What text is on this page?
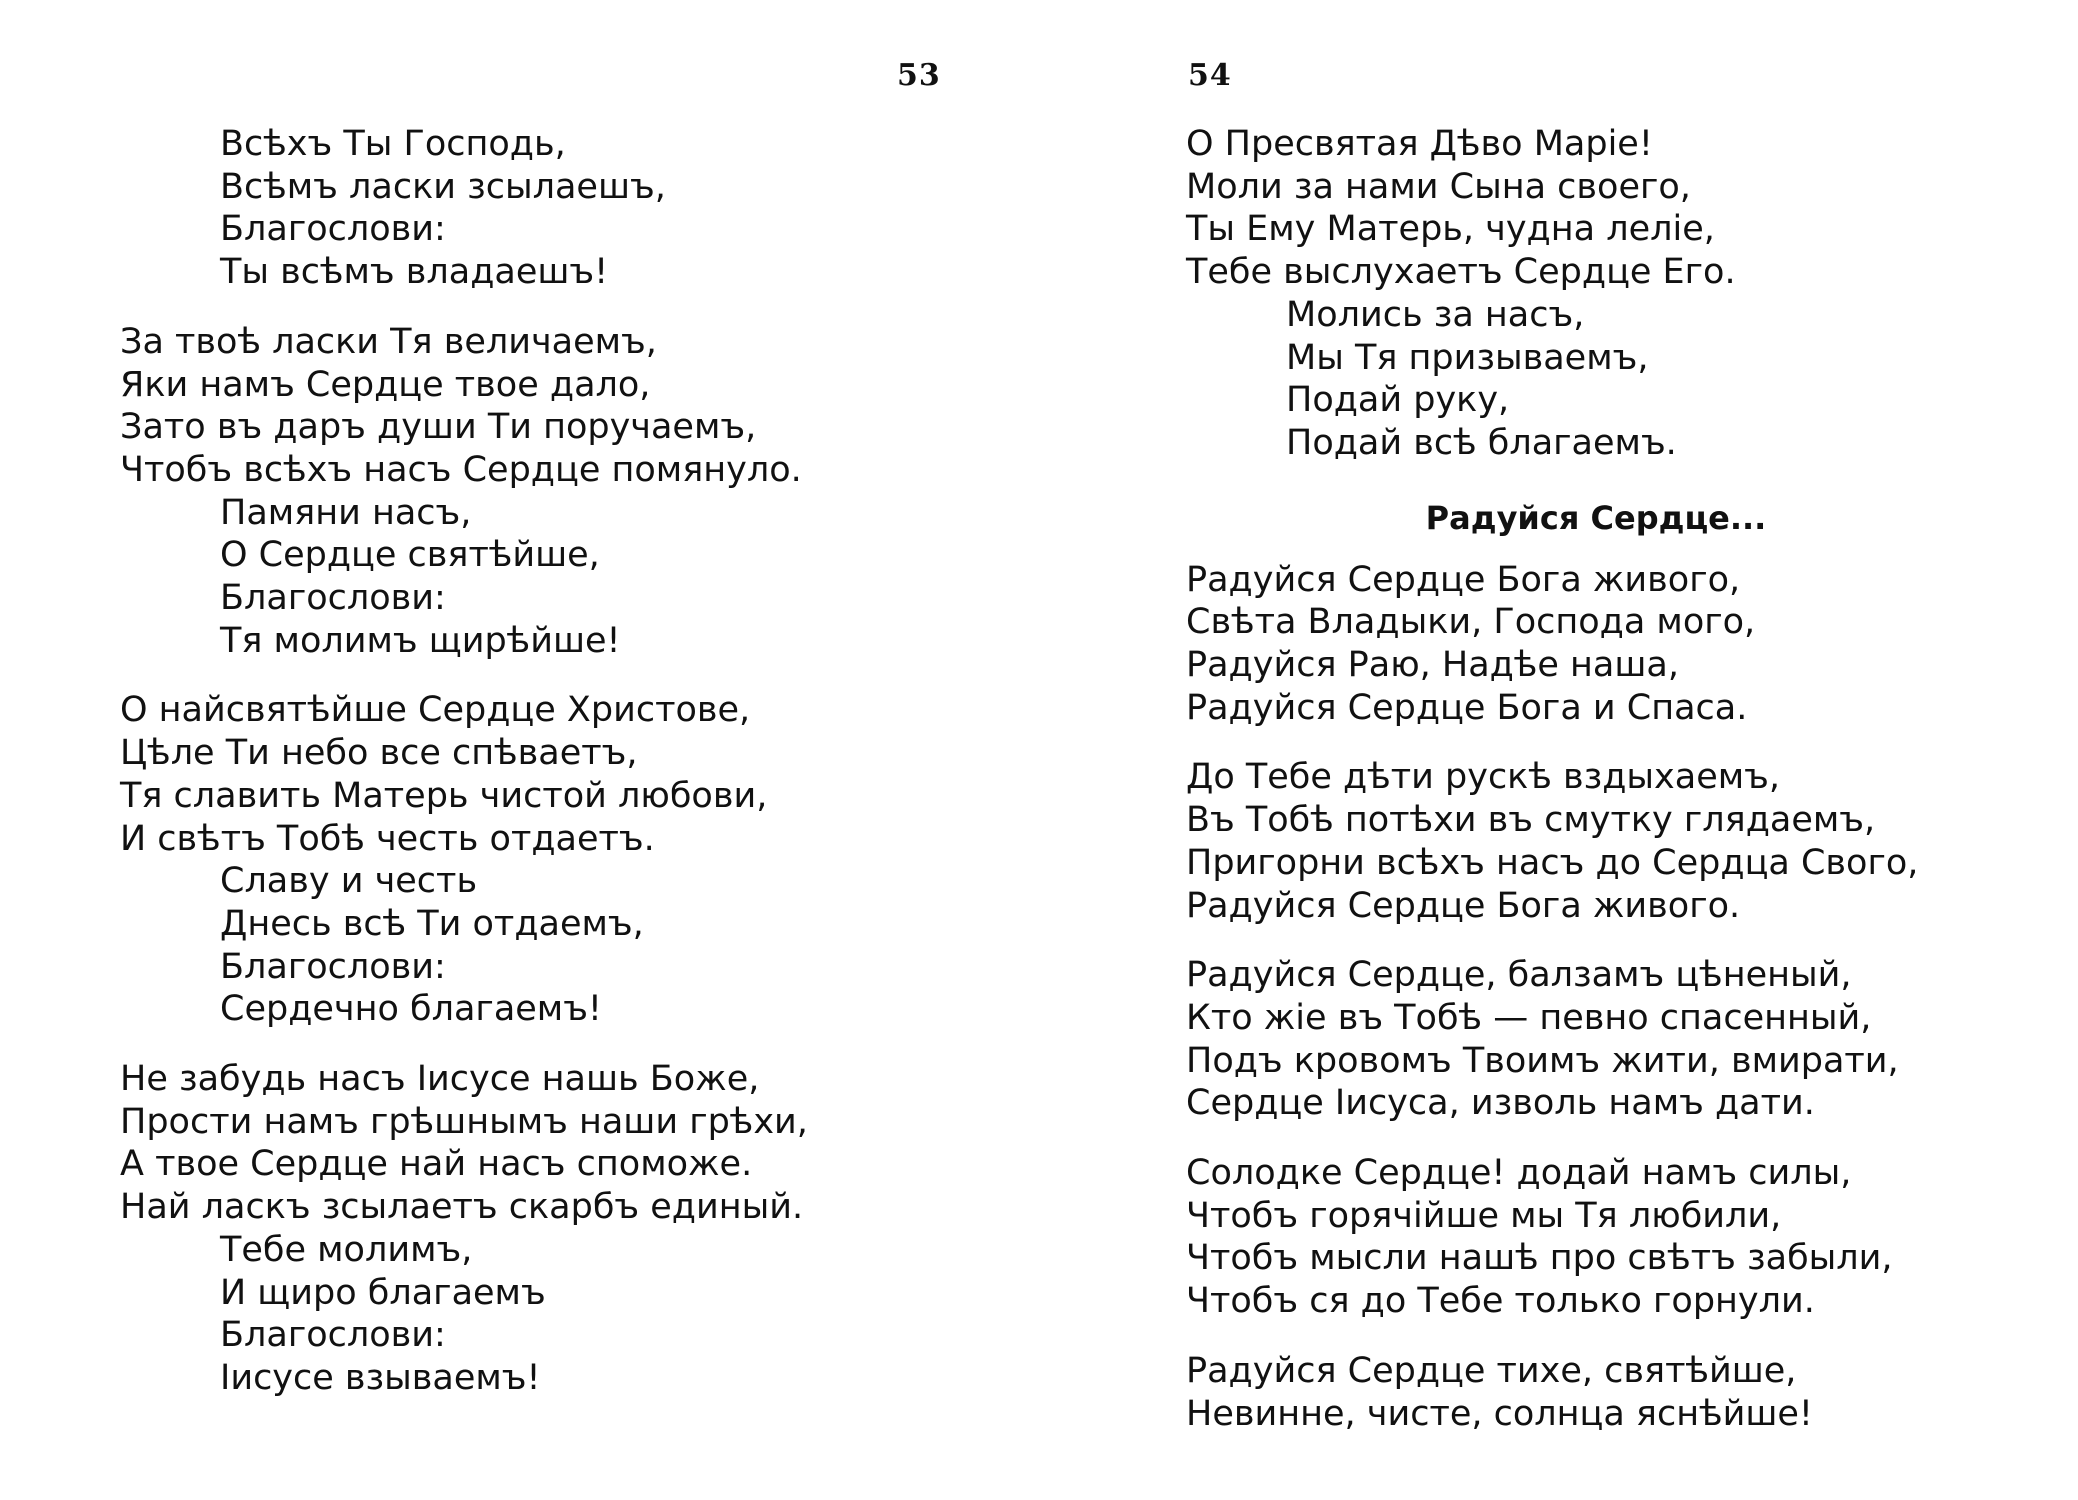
53
Всѣхъ Ты Господь,
Всѣмъ ласки зсылаешъ,
Благослови:
Ты всѣмъ владаешъ!
За твоѣ ласки Тя величаемъ,
Яки намъ Сердце твое дало,
Зато въ даръ души Ти поручаемъ,
Чтобъ всѣхъ насъ Сердце помянуло.
Памяни насъ,
О Сердце святѣйше,
Благослови:
Тя молимъ щирѣйше!
О найсвятѣйше Сердце Христове,
Цѣле Ти небо все спѣваетъ,
Тя славить Матерь чистой любови,
И свѣтъ Тобѣ честь отдаетъ.
Славу и честь
Днесь всѣ Ти отдаемъ,
Благослови:
Сердечно благаемъ!
Не забудь насъ Іисусе нашь Боже,
Прости намъ грѣшнымъ наши грѣхи,
А твое Сердце най насъ споможе.
Най ласкъ зсылаетъ скарбъ единый.
Тебе молимъ,
И щиро благаемъ
Благослови:
Іисусе взываемъ!
54
О Пресвятая Дѣво Маріе!
Моли за нами Сына своего,
Ты Ему Матерь, чудна леліе,
Тебе выслухаетъ Сердце Его.
Молись за насъ,
Мы Тя призываемъ,
Подай руку,
Подай всѣ благаемъ.
Радуйся Сердце...
Радуйся Сердце Бога живого,
Свѣта Владыки, Господа мого,
Радуйся Раю, Надѣе наша,
Радуйся Сердце Бога и Спаса.
До Тебе дѣти рускѣ вздыхаемъ,
Въ Тобѣ потѣхи въ смутку глядаемъ,
Пригорни всѣхъ насъ до Сердца Свого,
Радуйся Сердце Бога живого.
Радуйся Сердце, балзамъ цѣненый,
Кто жіе въ Тобѣ — певно спасенный,
Подъ кровомъ Твоимъ жити, вмирати,
Сердце Іисуса, изволь намъ дати.
Солодке Сердце! додай намъ силы,
Чтобъ горячійше мы Тя любили,
Чтобъ мысли нашѣ про свѣтъ забыли,
Чтобъ ся до Тебе только горнули.
Радуйся Сердце тихе, святѣйше,
Невинне, чисте, солнца яснѣйше!
